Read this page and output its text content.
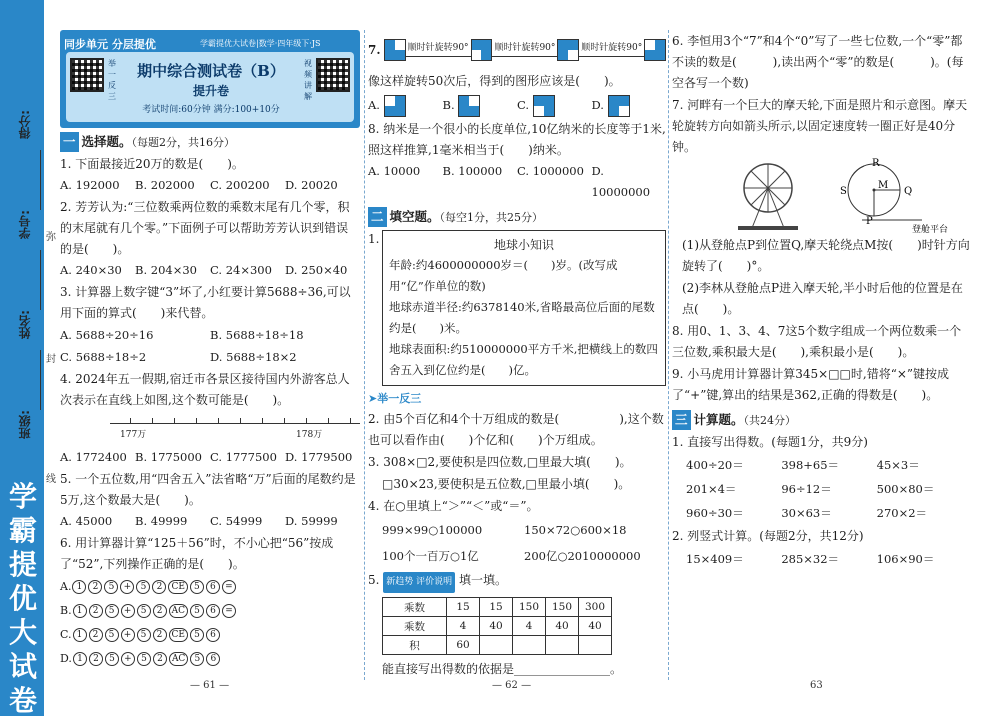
学霸提优大试卷
得分:
学号:
姓名:
班级:
弥
封
线
同步单元 分层提优	学霸提优大试卷|数学·四年级下·JS
举一反三
期中综合测试卷（B）
提升卷
考试时间:60分钟 满分:100+10分
视频讲解
一 选择题。（每题2分，共16分）
1. 下面最接近20万的数是(　　)。
A. 192000	B. 202000	C. 200200	D. 20020
2. 芳芳认为:“三位数乘两位数的乘数末尾有几个零，积的末尾就有几个零。”下面例子可以帮助芳芳认识到错误的是(　　)。
A. 240×30	B. 204×30	C. 24×300	D. 250×40
3. 计算器上数字键“3”坏了,小红要计算5688÷36,可以用下面的算式(　　)来代替。
A. 5688÷20÷16	B. 5688÷18÷18
C. 5688÷18÷2	D. 5688÷18×2
4. 2024年五一假期,宿迁市各景区接待国内外游客总人次表示在直线上如图,这个数可能是(　　)。
177万	178万
A. 1772400 B. 1775000 C. 1777500 D. 1779500
5. 一个五位数,用“四舍五入”法省略“万”后面的尾数约是5万,这个数最大是(　　)。
A. 45000	B. 49999	C. 54999	D. 59999
6. 用计算器计算“125＋56”时，不小心把“56”按成了“52”,下列操作正确的是(　　)。
A. 1 2 5 + 5 2 CE 5 6 =
B. 1 2 5 + 5 2 AC 5 6 =
C. 1 2 5 + 5 2 CE 5 6
D. 1 2 5 + 5 2 AC 5 6
7.	顺时针旋转90°	顺时针旋转90°	顺时针旋转90°
像这样旋转50次后，得到的图形应该是(　　)。
A.	B.	C.	D.
8. 纳米是一个很小的长度单位,10亿纳米的长度等于1米,照这样推算,1毫米相当于(　　)纳米。
A. 10000	B. 100000	C. 1000000 D. 10000000
二 填空题。（每空1分，共25分）
1.	地球小知识

年龄:约4600000000岁＝(　　)岁。(改写成用“亿”作单位的数)

地球赤道半径:约6378140米,省略最高位后面的尾数约是(　　)米。

地球表面积:约510000000平方千米,把横线上的数四舍五入到亿位约是(　　)亿。

➤举一反三
2. 由5个百亿和4个十万组成的数是(　　　　　),这个数也可以看作由(　　)个亿和(　　)个万组成。
3. 308×□2,要使积是四位数,□里最大填(　　)。
□30×23,要使积是五位数,□里最小填(　　)。
4. 在○里填上“＞”“＜”或“＝”。
999×99○100000	150×72○600×18
100个一百万○1亿	200亿○2010000000
5. 新趋势 评价说明 填一填。
乘数	15	15	150	150	300
乘数	4	40	4	40	40
积	60				
能直接写出得数的依据是________________。
6. 李恒用3个“7”和4个“0”写了一些七位数,一个“零”都不读的数是(　　　),读出两个“零”的数是(　　　)。(每空各写一个数)
7. 河畔有一个巨大的摩天轮,下面是照片和示意图。摩天轮旋转方向如箭头所示,以固定速度转一圈正好是40分钟。
R
M
S	Q
P
登舱平台
(1)从登舱点P到位置Q,摩天轮绕点M按(　　)时针方向旋转了(　　)°。
(2)李林从登舱点P进入摩天轮,半小时后他的位置是在点(　　)。
8. 用0、1、3、4、7这5个数字组成一个两位数乘一个三位数,乘积最大是(　　),乘积最小是(　　)。
9. 小马虎用计算器计算345×□□时,错将“×”键按成了“+”键,算出的结果是362,正确的得数是(　　)。
三 计算题。（共24分）
1. 直接写出得数。(每题1分，共9分)
400÷20＝	398+65＝	45×3＝
201×4＝	96÷12＝	500×80＝
960÷30＝	30×63＝	270×2＝
2. 列竖式计算。(每题2分，共12分)
15×409＝	285×32＝	106×90＝
— 61 —	— 62 —	63
